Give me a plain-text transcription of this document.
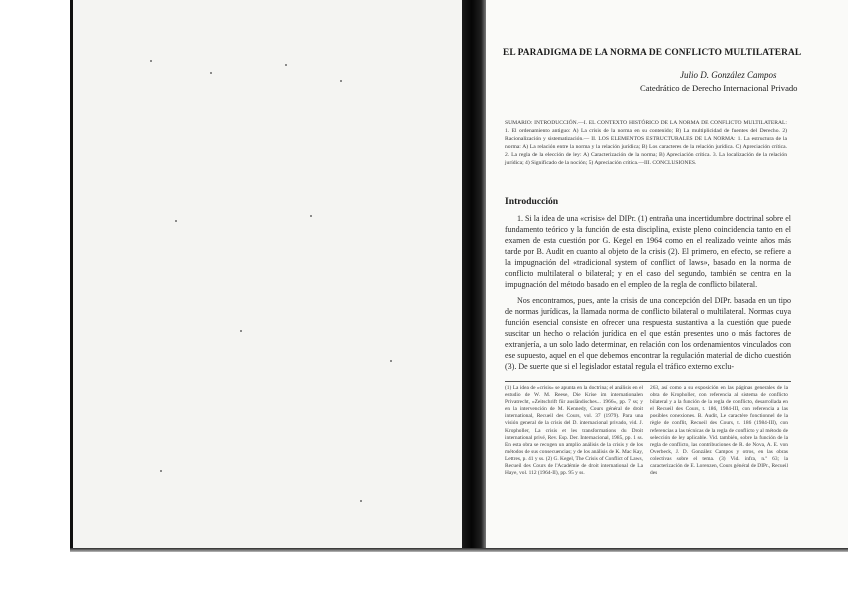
EL PARADIGMA DE LA NORMA DE CONFLICTO MULTILATERAL
Julio D. González Campos
Catedrático de Derecho Internacional Privado
SUMARIO: INTRODUCCIÓN.—I. EL CONTEXTO HISTÓRICO DE LA NORMA DE CONFLICTO MULTILATERAL: 1. El ordenamiento antiguo: A) La crisis de la norma en su contenido; B) La multiplicidad de fuentes del Derecho. 2) Racionalización y sistematización.— II. LOS ELEMENTOS ESTRUCTURALES DE LA NORMA: 1. La estructura de la norma: A) La relación entre la norma y la relación jurídica; B) Los caracteres de la relación jurídica. C) Apreciación crítica. 2. La regla de la elección de ley: A) Caracterización de la norma; B) Apreciación crítica. 3. La localización de la relación jurídica; 4) Significado de la noción; 5) Apreciación crítica.—III. CONCLUSIONES.
Introducción
1. Si la idea de una «crisis» del DIPr. (1) entraña una incertidumbre doctrinal sobre el fundamento teórico y la función de esta disciplina, existe pleno coincidencia tanto en el examen de esta cuestión por G. Kegel en 1964 como en el realizado veinte años más tarde por B. Audit en cuanto al objeto de la crisis (2). El primero, en efecto, se refiere a la impugnación del «tradicional system of conflict of laws», basado en la norma de conflicto multilateral o bilateral; y en el caso del segundo, también se centra en la impugnación del método basado en el empleo de la regla de conflicto bilateral.
Nos encontramos, pues, ante la crisis de una concepción del DIPr. basada en un tipo de normas jurídicas, la llamada norma de conflicto bilateral o multilateral. Normas cuya función esencial consiste en ofrecer una respuesta sustantiva a la cuestión que puede suscitar un hecho o relación jurídica en el que están presentes uno o más factores de extranjería, a un solo lado determinar, en relación con los ordenamientos vinculados con ese supuesto, aquel en el que debemos encontrar la regulación material de dicho cuestión (3). De suerte que si el legislador estatal regula el tráfico externo exclu-
(1) La idea de «crisis» se apunta en la doctrina; el análisis en el estudio de W. M. Reese, Die Krise im internationalen Privatrecht, «Zeitschrift für ausländisches... 1966», pp. 7 ss; y en la intervención de M. Kennedy, Cours général de droit international, Recueil des Cours, vol. 37 (1979). Para una visión general de la crisis del D. internacional privado, vid. J. Kropholler, La crisis et les transformations du Droit international privé, Rev. Esp. Der. Internacional, 1985, pp. 1 ss. En esta obra se recogen un amplio análisis de la crisis y de los métodos de sus consecuencias; y de los análisis de K. Mac Kay, Lettres, p. 41 y ss. (2) G. Kegel, The Crisis of Conflict of Laws, Recueil des Cours de l'Académie de droit international de La Haye, vol. 112 (1964-II), pp. 95 y ss.
263, así como a su exposición en las páginas generales de la obra de Kropholler, con referencia al sistema de conflicto bilateral y a la función de la regla de conflicto, desarrollada en el Recueil des Cours, t. 186, 1984-III, con referencia a las posibles conexiones. B. Audit, Le caractère fonctionnel de la règle de conflit, Recueil des Cours, t. 186 (1984-III), con referencias a las técnicas de la regla de conflicto y al método de selección de ley aplicable. Vid. también, sobre la función de la regla de conflicto, las contribuciones de R. de Nova, A. E. von Overbeck, J. D. González Campos y otros, en las obras colectivas sobre el tema. (3) Vid. infra, n.º 63; la caracterización de E. Lorenzen, Cours général de DIPr., Recueil des
